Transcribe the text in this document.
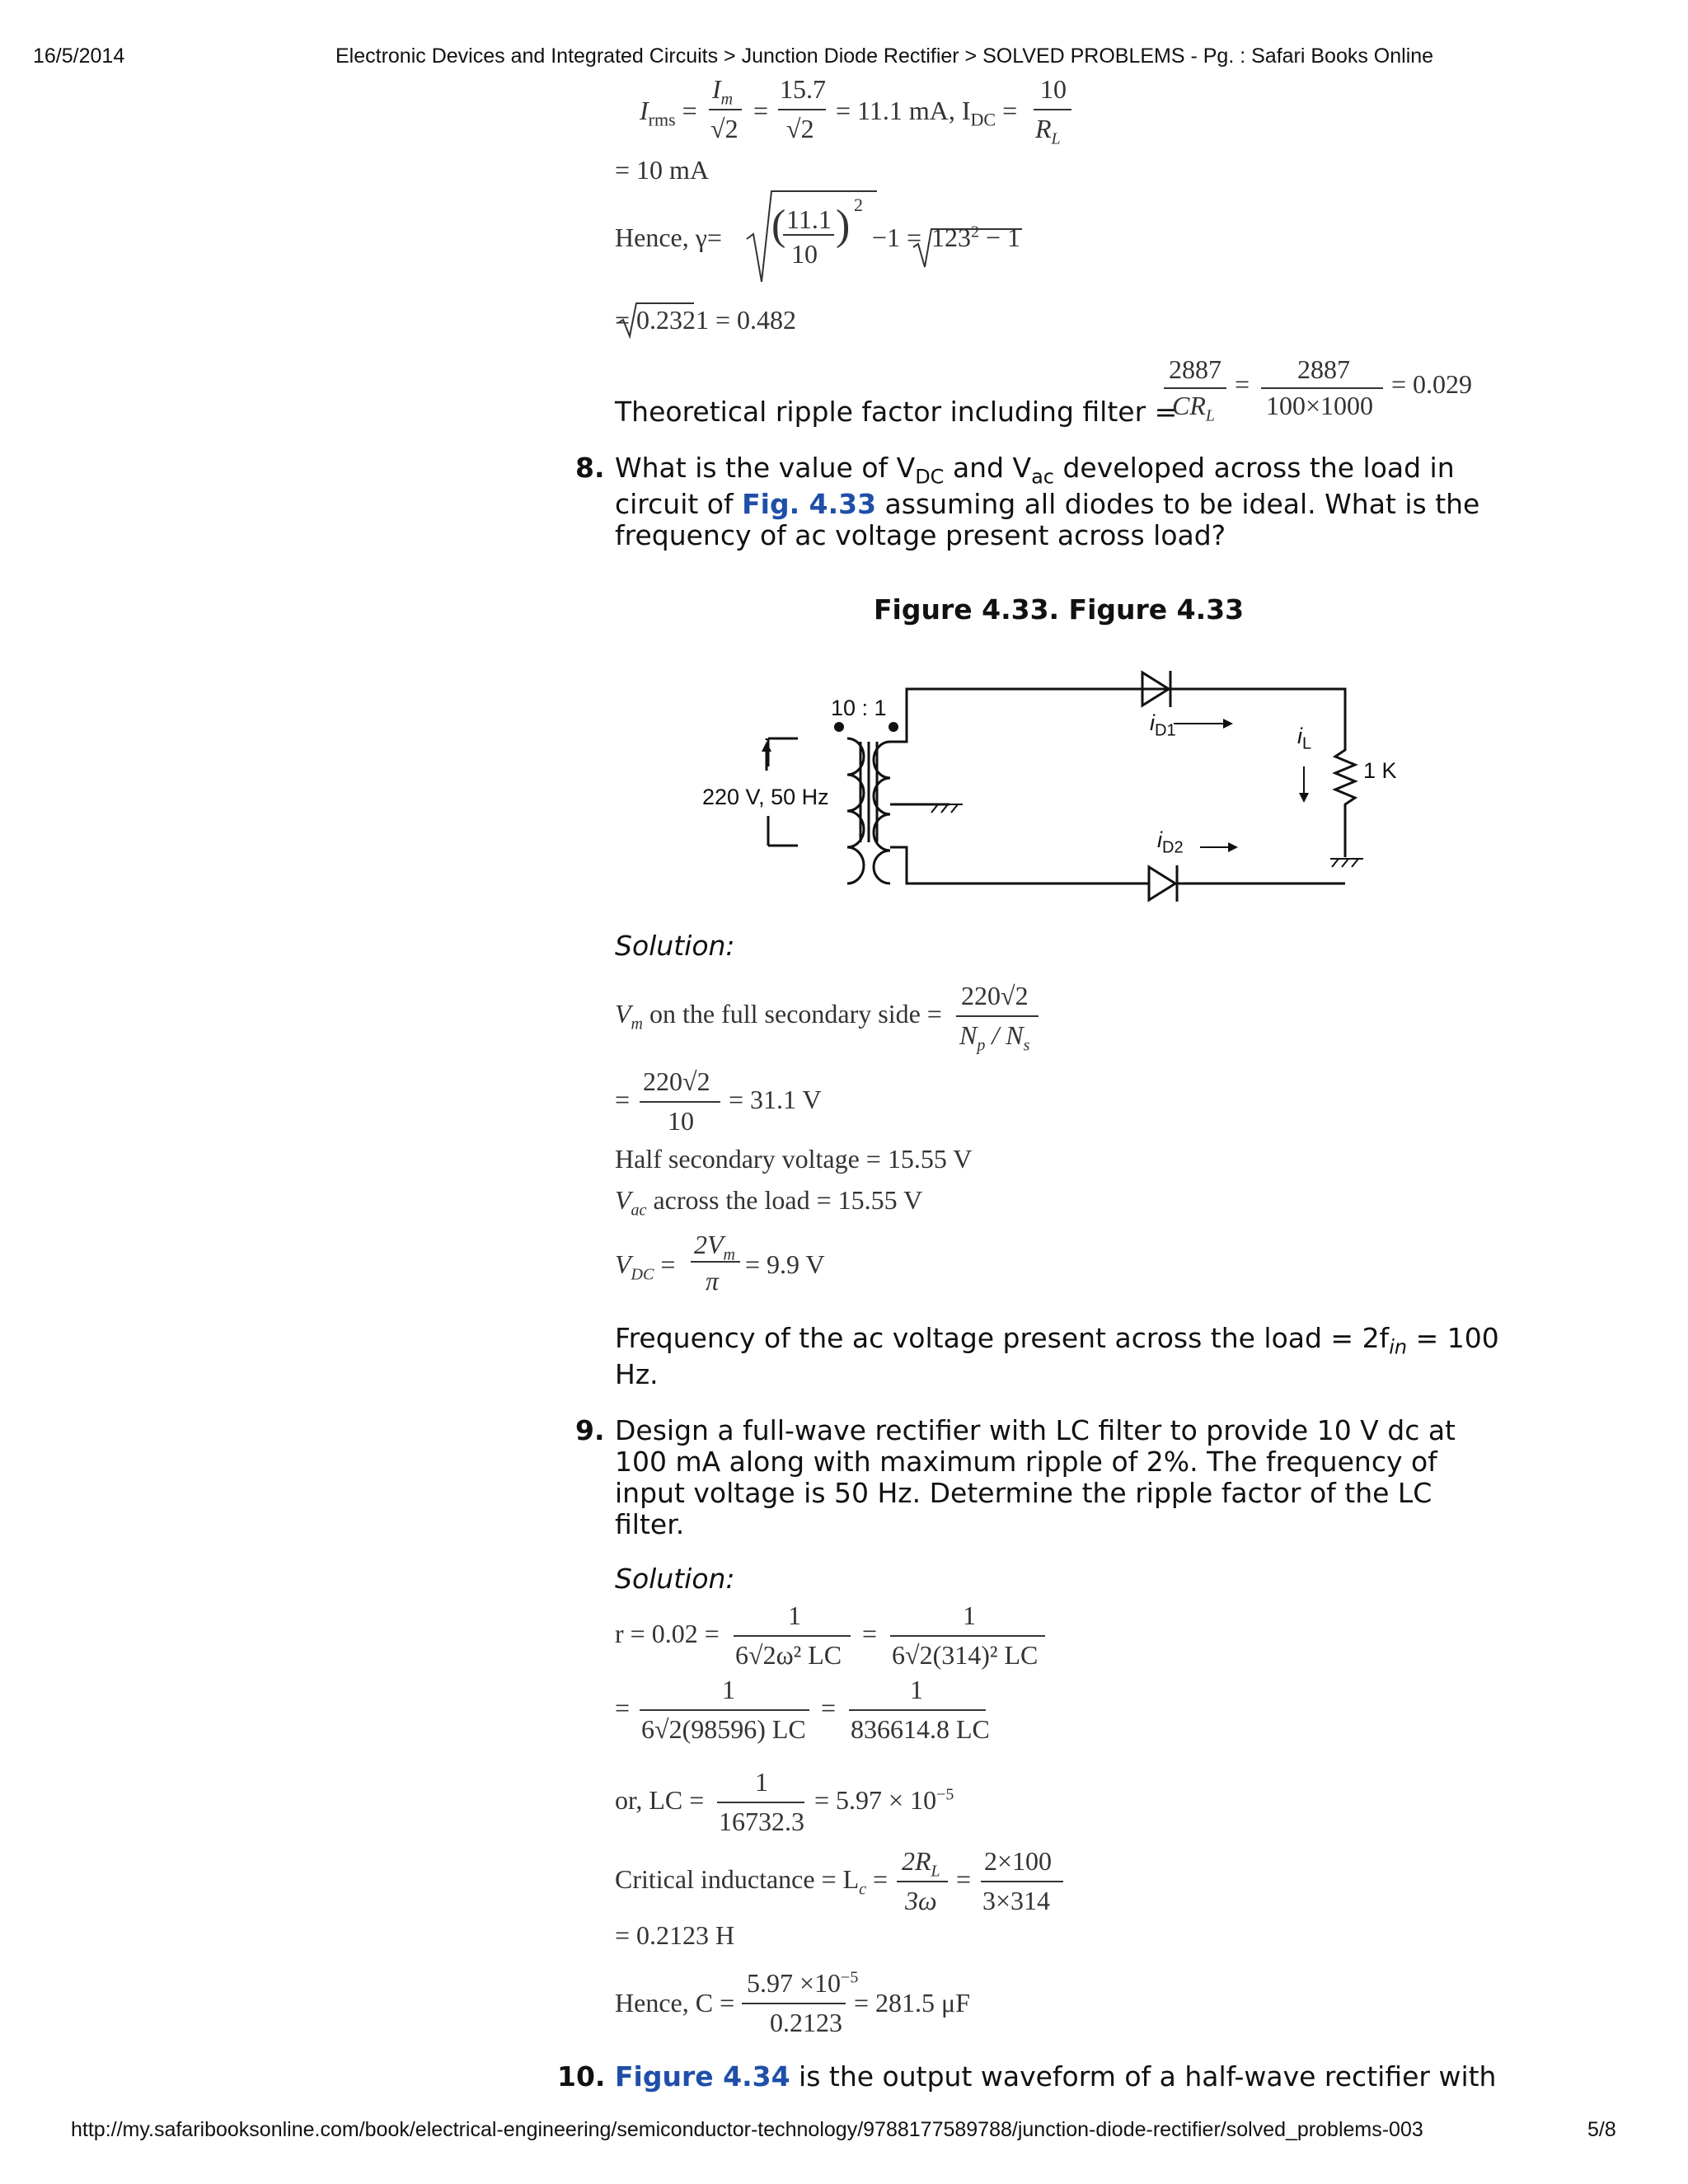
16/5/2014	Electronic Devices and Integrated Circuits > Junction Diode Rectifier > SOLVED PROBLEMS - Pg. : Safari Books Online
$I_{rms}$ =
$I_m$
√2
=
15.7
√2
= 11.1 mA, $I_{DC}$ =
10
$R_L$
= 10 mA
Hence, γ= ( 11.1
10
) 2
$-1 = 123^2 - 1$
= 0.2321 = 0.482
Theoretical ripple factor including filter =
2887
$CR_L$
= 2887
100×1000
= 0.029
8. What is the value of $V_{DC}$ and $V_{ac}$ developed across the load in
circuit of Fig. 4.33 assuming all diodes to be ideal. What is the
frequency of ac voltage present across load?
Figure 4.33. Figure 4.33
10 : 1
220 V, 50 Hz
$i_{D1}$
$i_{D2}$
$i_L$
1 K
Solution:
$V_m$ on the full secondary side =
220√2
$N_p / N_s$
=
220√2
10
= 31.1 V
Half secondary voltage = 15.55 V
$V_{ac}$ across the load = 15.55 V
$V_{DC}$ =
$2V_m$
π
= 9.9 V
Frequency of the ac voltage present across the load = $2f_{in} = 100$
Hz.
9. Design a full-wave rectifier with LC filter to provide 10 V dc at
100 mA along with maximum ripple of 2%. The frequency of
input voltage is 50 Hz. Determine the ripple factor of the LC
filter.
Solution:
r = 0.02 =
1
6√2ω² LC
=
1
6√2(314)² LC
=
1
6√2(98596) LC
=
1
836614.8 LC
or, LC =
1
16732.3
= $5.97 \times 10^{-5}$
Critical inductance = $L_c$ =
$2R_L$
3ω
=
2×100
3×314
= 0.2123 H
Hence, C =
$5.97 \times 10^{-5}$
0.2123
= 281.5 μF
10. Figure 4.34 is the output waveform of a half-wave rectifier with
http://my.safaribooksonline.com/book/electrical-engineering/semiconductor-technology/9788177589788/junction-diode-rectifier/solved_problems-003	5/8
